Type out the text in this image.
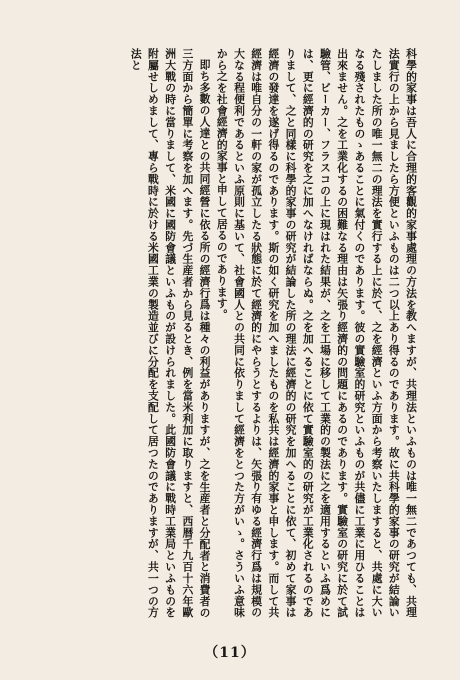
科學的家事は吾人に合理的客觀的家事處理の方法を教へますが、共理法といふものは唯一無二であつても、共理法實行の上から見ましたら方便といふものは二つ以上あり得るのであります。故に共科學的家事の研究が結論いたしました所の唯一無二の理法を實行する上に於て、之を經濟といふ方面から考察いたしますると、共處に大いなる殘されたものゝあることに氣付くのであります。彼の實驗室的研究といふものが共儘に工業に用ひることは出來ません。之を工業化するの困難なる理由は矢張り經濟的の問題にあるのであります。實驗室の研究に於て試驗管、ビーカー、フラスコの上に現はれた結果が、之を工場に移して工業的の製法に之を適用するといふ爲めには、更に經濟的の研究を之に加へなければならぬ。之を加へることに依て實驗室的の研究が工業化されるのでありまして、之と同樣に科學的家事の研究が結論した所の理法に經濟的の研究を加へることに依て、初めて家事は經濟の發達を遂げ得るのであります。斯の如く研究を加へましたものを私共は經濟的家事と申します。而して共經濟は唯自分の一軒の家が孤立したる狀態に於て經濟的にやらうとするよりは、矢張り有ゆる經濟行爲は規模の大なる程便利であるといふ原則に基いて、社會國人との共同に依りまして經濟をとつた方がいゝ。さういふ意味から之を社會經濟的家事と申して居るのであります。

即ち多數の人達との共同經營に依る所の經濟行爲は種々の利益がありますが、之を生産者と分配者と消費者の三方面から簡單に考察を加へます。先づ生産者から見るとき、例を當米利加に取りますと、西暦千九百十六年歐洲大戰の時に當りまして、米國に國防會議といふものが設けられました。此國防會議に戰時工業局といふものを附屬せしめまして、專ら戰時に於ける米國工業の製造並びに分配を支配して居つたのでありますが、共一つの方法と

（11）
